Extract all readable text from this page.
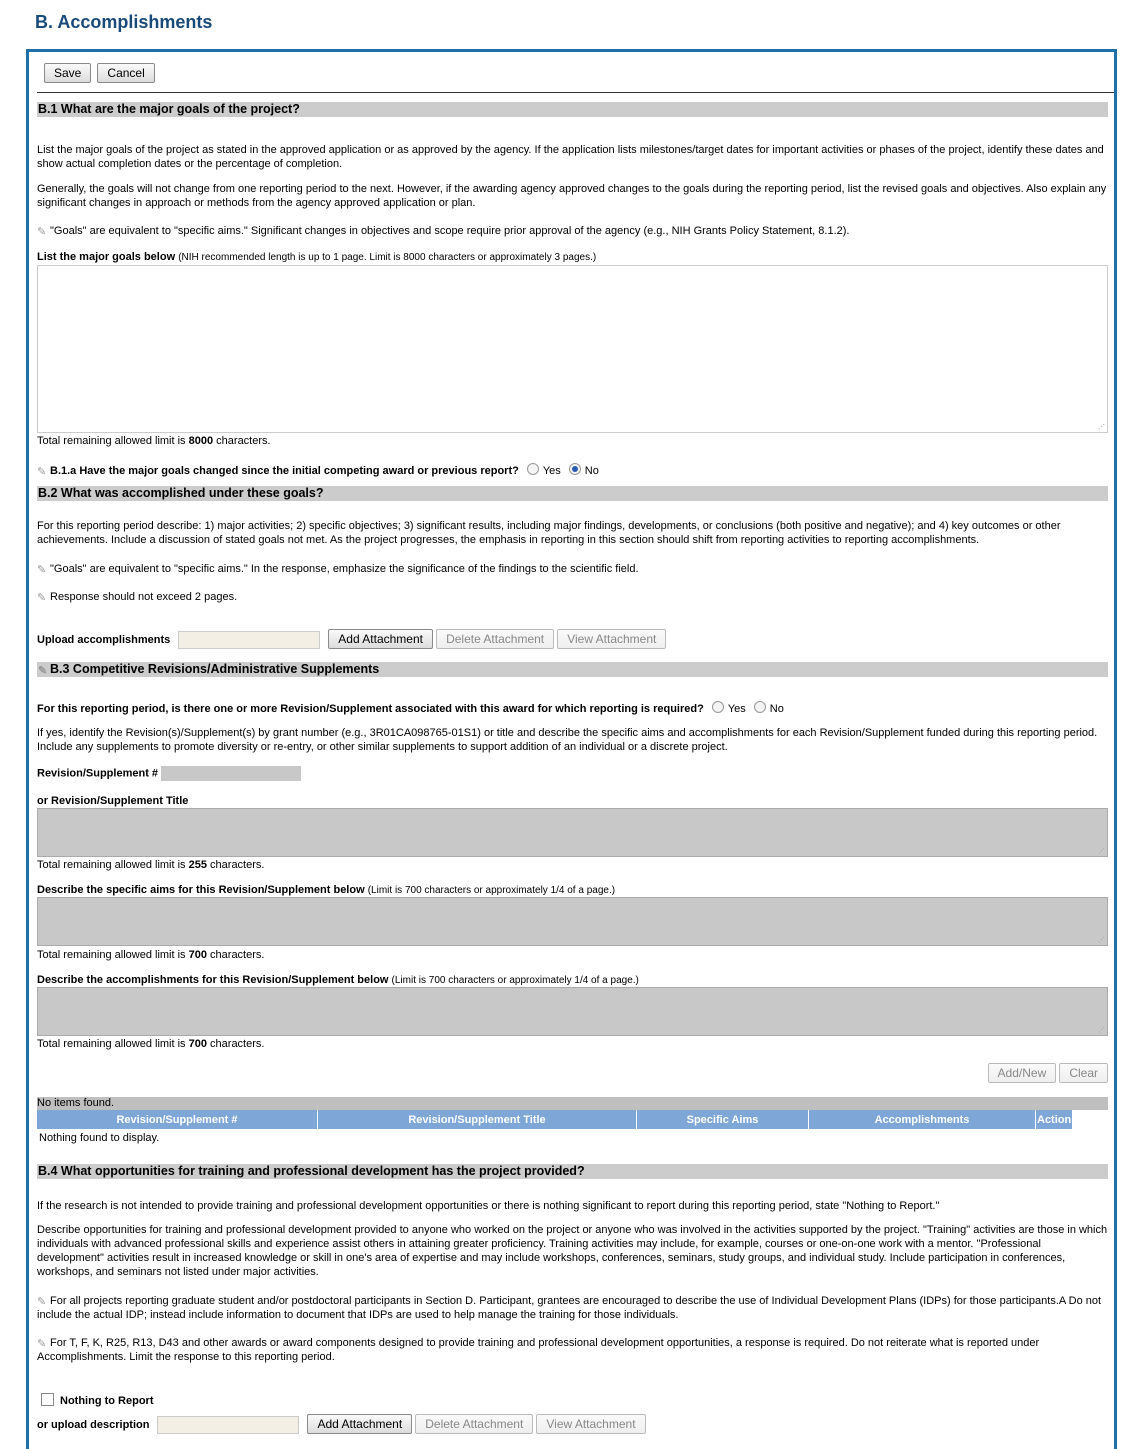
B. Accomplishments
Save Cancel
B.1 What are the major goals of the project?
List the major goals of the project as stated in the approved application or as approved by the agency. If the application lists milestones/target dates for important activities or phases of the project, identify these dates and show actual completion dates or the percentage of completion.
Generally, the goals will not change from one reporting period to the next. However, if the awarding agency approved changes to the goals during the reporting period, list the revised goals and objectives. Also explain any significant changes in approach or methods from the agency approved application or plan.
✎ "Goals" are equivalent to "specific aims." Significant changes in objectives and scope require prior approval of the agency (e.g., NIH Grants Policy Statement, 8.1.2).
List the major goals below (NIH recommended length is up to 1 page. Limit is 8000 characters or approximately 3 pages.)
⋰
Total remaining allowed limit is 8000 characters.
✎ B.1.a Have the major goals changed since the initial competing award or previous report? Yes No
B.2 What was accomplished under these goals?
For this reporting period describe: 1) major activities; 2) specific objectives; 3) significant results, including major findings, developments, or conclusions (both positive and negative); and 4) key outcomes or other achievements. Include a discussion of stated goals not met. As the project progresses, the emphasis in reporting in this section should shift from reporting activities to reporting accomplishments.
✎ "Goals" are equivalent to "specific aims." In the response, emphasize the significance of the findings to the scientific field.
✎ Response should not exceed 2 pages.
Upload accomplishments	Add Attachment Delete Attachment View Attachment
✎ B.3 Competitive Revisions/Administrative Supplements
For this reporting period, is there one or more Revision/Supplement associated with this award for which reporting is required? Yes No
If yes, identify the Revision(s)/Supplement(s) by grant number (e.g., 3R01CA098765-01S1) or title and describe the specific aims and accomplishments for each Revision/Supplement funded during this reporting period. Include any supplements to promote diversity or re-entry, or other similar supplements to support addition of an individual or a discrete project.
Revision/Supplement #
or Revision/Supplement Title
⋰
Total remaining allowed limit is 255 characters.
Describe the specific aims for this Revision/Supplement below (Limit is 700 characters or approximately 1/4 of a page.)
⋰
Total remaining allowed limit is 700 characters.
Describe the accomplishments for this Revision/Supplement below (Limit is 700 characters or approximately 1/4 of a page.)
⋰
Total remaining allowed limit is 700 characters.
Add/New Clear
No items found.
Revision/Supplement #	Revision/Supplement Title	Specific Aims	Accomplishments	Action
Nothing found to display.
B.4 What opportunities for training and professional development has the project provided?
If the research is not intended to provide training and professional development opportunities or there is nothing significant to report during this reporting period, state "Nothing to Report."
Describe opportunities for training and professional development provided to anyone who worked on the project or anyone who was involved in the activities supported by the project. "Training" activities are those in which individuals with advanced professional skills and experience assist others in attaining greater proficiency. Training activities may include, for example, courses or one-on-one work with a mentor. "Professional development" activities result in increased knowledge or skill in one's area of expertise and may include workshops, conferences, seminars, study groups, and individual study. Include participation in conferences, workshops, and seminars not listed under major activities.
✎ For all projects reporting graduate student and/or postdoctoral participants in Section D. Participant, grantees are encouraged to describe the use of Individual Development Plans (IDPs) for those participants.A Do not include the actual IDP; instead include information to document that IDPs are used to help manage the training for those individuals.
✎ For T, F, K, R25, R13, D43 and other awards or award components designed to provide training and professional development opportunities, a response is required. Do not reiterate what is reported under Accomplishments. Limit the response to this reporting period.
Nothing to Report
or upload description	Add Attachment Delete Attachment View Attachment
